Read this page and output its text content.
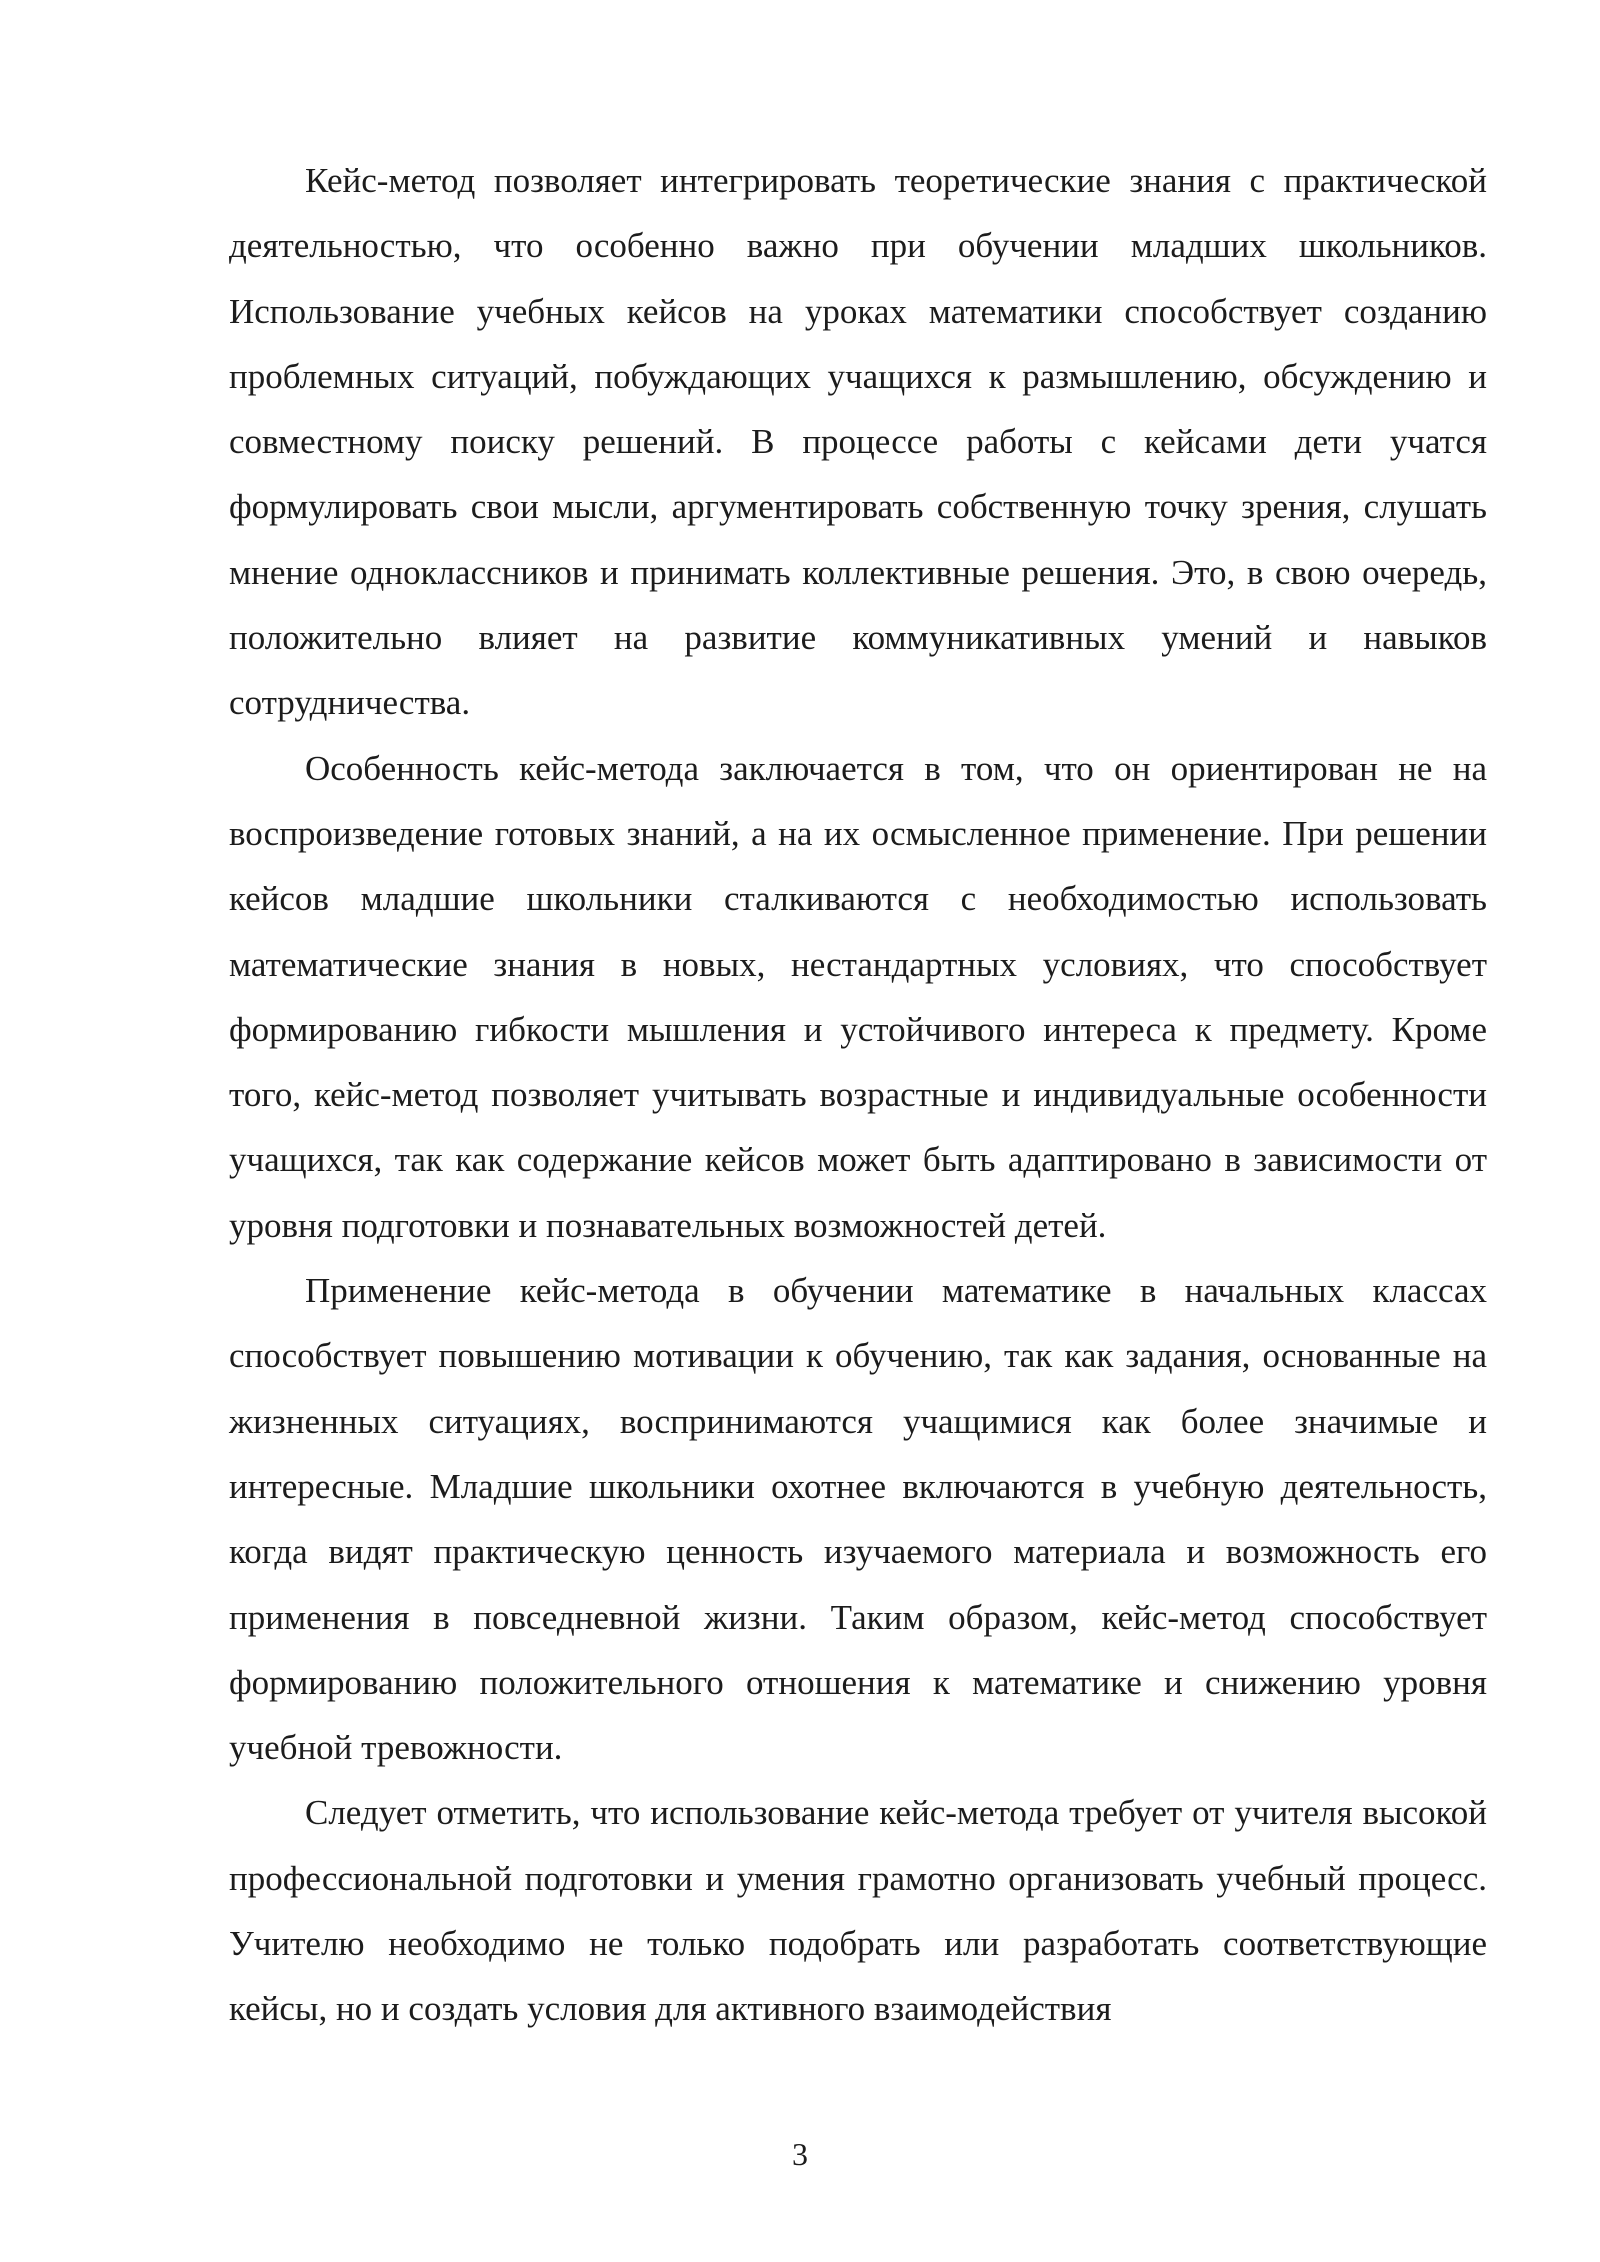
Кейс-метод позволяет интегрировать теоретические знания с практической деятельностью, что особенно важно при обучении младших школьников. Использование учебных кейсов на уроках математики способствует созданию проблемных ситуаций, побуждающих учащихся к размышлению, обсуждению и совместному поиску решений. В процессе работы с кейсами дети учатся формулировать свои мысли, аргументировать собственную точку зрения, слушать мнение одноклассников и принимать коллективные решения. Это, в свою очередь, положительно влияет на развитие коммуникативных умений и навыков сотрудничества.

Особенность кейс-метода заключается в том, что он ориентирован не на воспроизведение готовых знаний, а на их осмысленное применение. При решении кейсов младшие школьники сталкиваются с необходимостью использовать математические знания в новых, нестандартных условиях, что способствует формированию гибкости мышления и устойчивого интереса к предмету. Кроме того, кейс-метод позволяет учитывать возрастные и индивидуальные особенности учащихся, так как содержание кейсов может быть адаптировано в зависимости от уровня подготовки и познавательных возможностей детей.

Применение кейс-метода в обучении математике в начальных классах способствует повышению мотивации к обучению, так как задания, основанные на жизненных ситуациях, воспринимаются учащимися как более значимые и интересные. Младшие школьники охотнее включаются в учебную деятельность, когда видят практическую ценность изучаемого материала и возможность его применения в повседневной жизни. Таким образом, кейс-метод способствует формированию положительного отношения к математике и снижению уровня учебной тревожности.

Следует отметить, что использование кейс-метода требует от учителя высокой профессиональной подготовки и умения грамотно организовать учебный процесс. Учителю необходимо не только подобрать или разработать соответствующие кейсы, но и создать условия для активного взаимодействия

3
